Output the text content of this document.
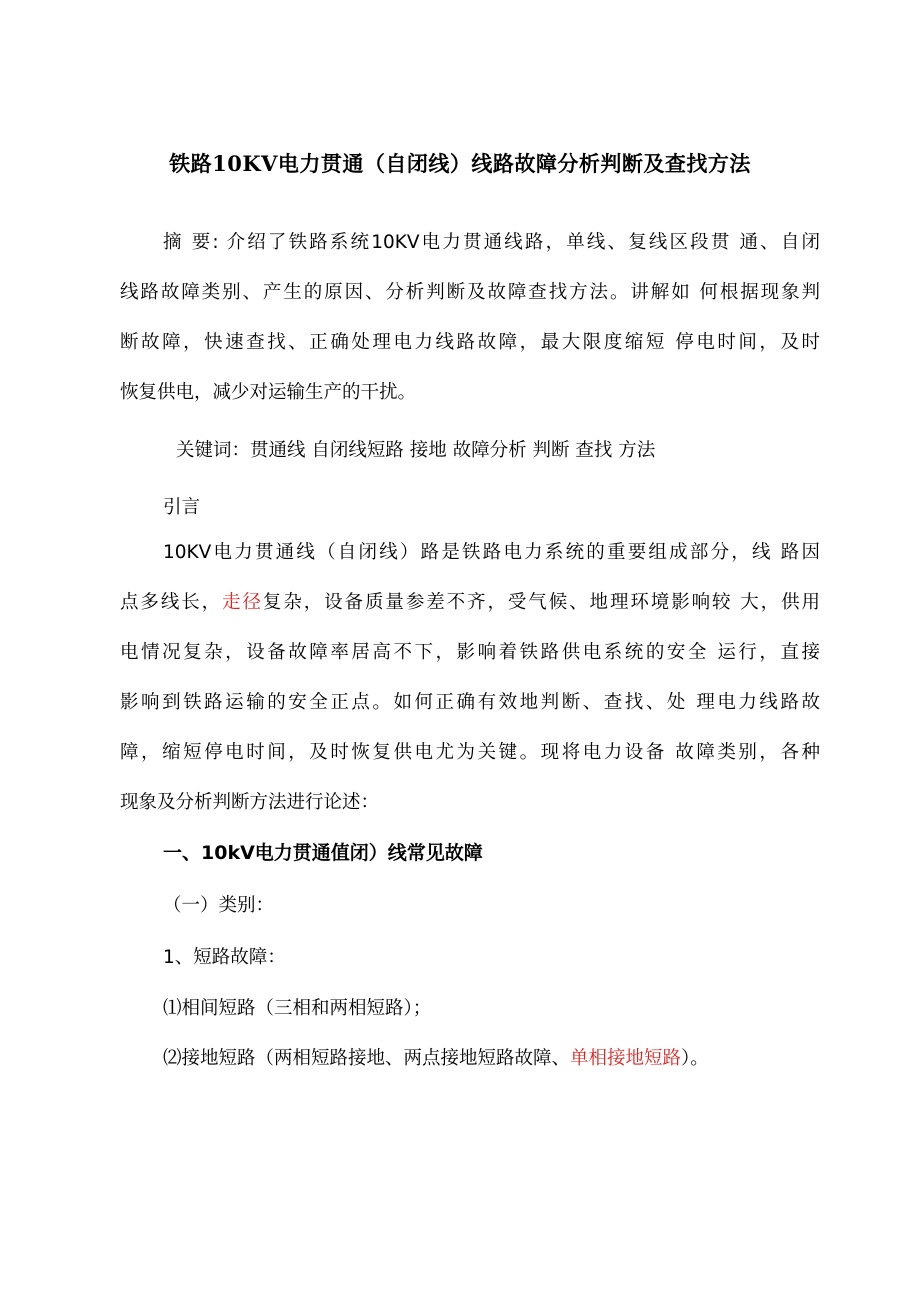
铁路10KV电力贯通（自闭线）线路故障分析判断及查找方法
摘 要: 介绍了铁路系统10KV电力贯通线路，单线、复线区段贯 通、自闭
线路故障类别、产生的原因、分析判断及故障查找方法。讲解如 何根据现象判
断故障，快速查找、正确处理电力线路故障，最大限度缩短 停电时间，及时
恢复供电，减少对运输生产的干扰。
关键词：贯通线 自闭线短路 接地 故障分析 判断 查找 方法
引言
10KV电力贯通线（自闭线）路是铁路电力系统的重要组成部分，线 路因
点多线长，走径复杂，设备质量参差不齐，受气候、地理环境影响较 大，供用
电情况复杂，设备故障率居高不下，影响着铁路供电系统的安全 运行，直接
影响到铁路运输的安全正点。如何正确有效地判断、查找、处 理电力线路故
障，缩短停电时间，及时恢复供电尤为关键。现将电力设备 故障类别，各种
现象及分析判断方法进行论述：
一、10kV电力贯通值闭）线常见故障
（一）类别：
1、短路故障：
⑴相间短路（三相和两相短路）；
⑵接地短路（两相短路接地、两点接地短路故障、单相接地短路）。
